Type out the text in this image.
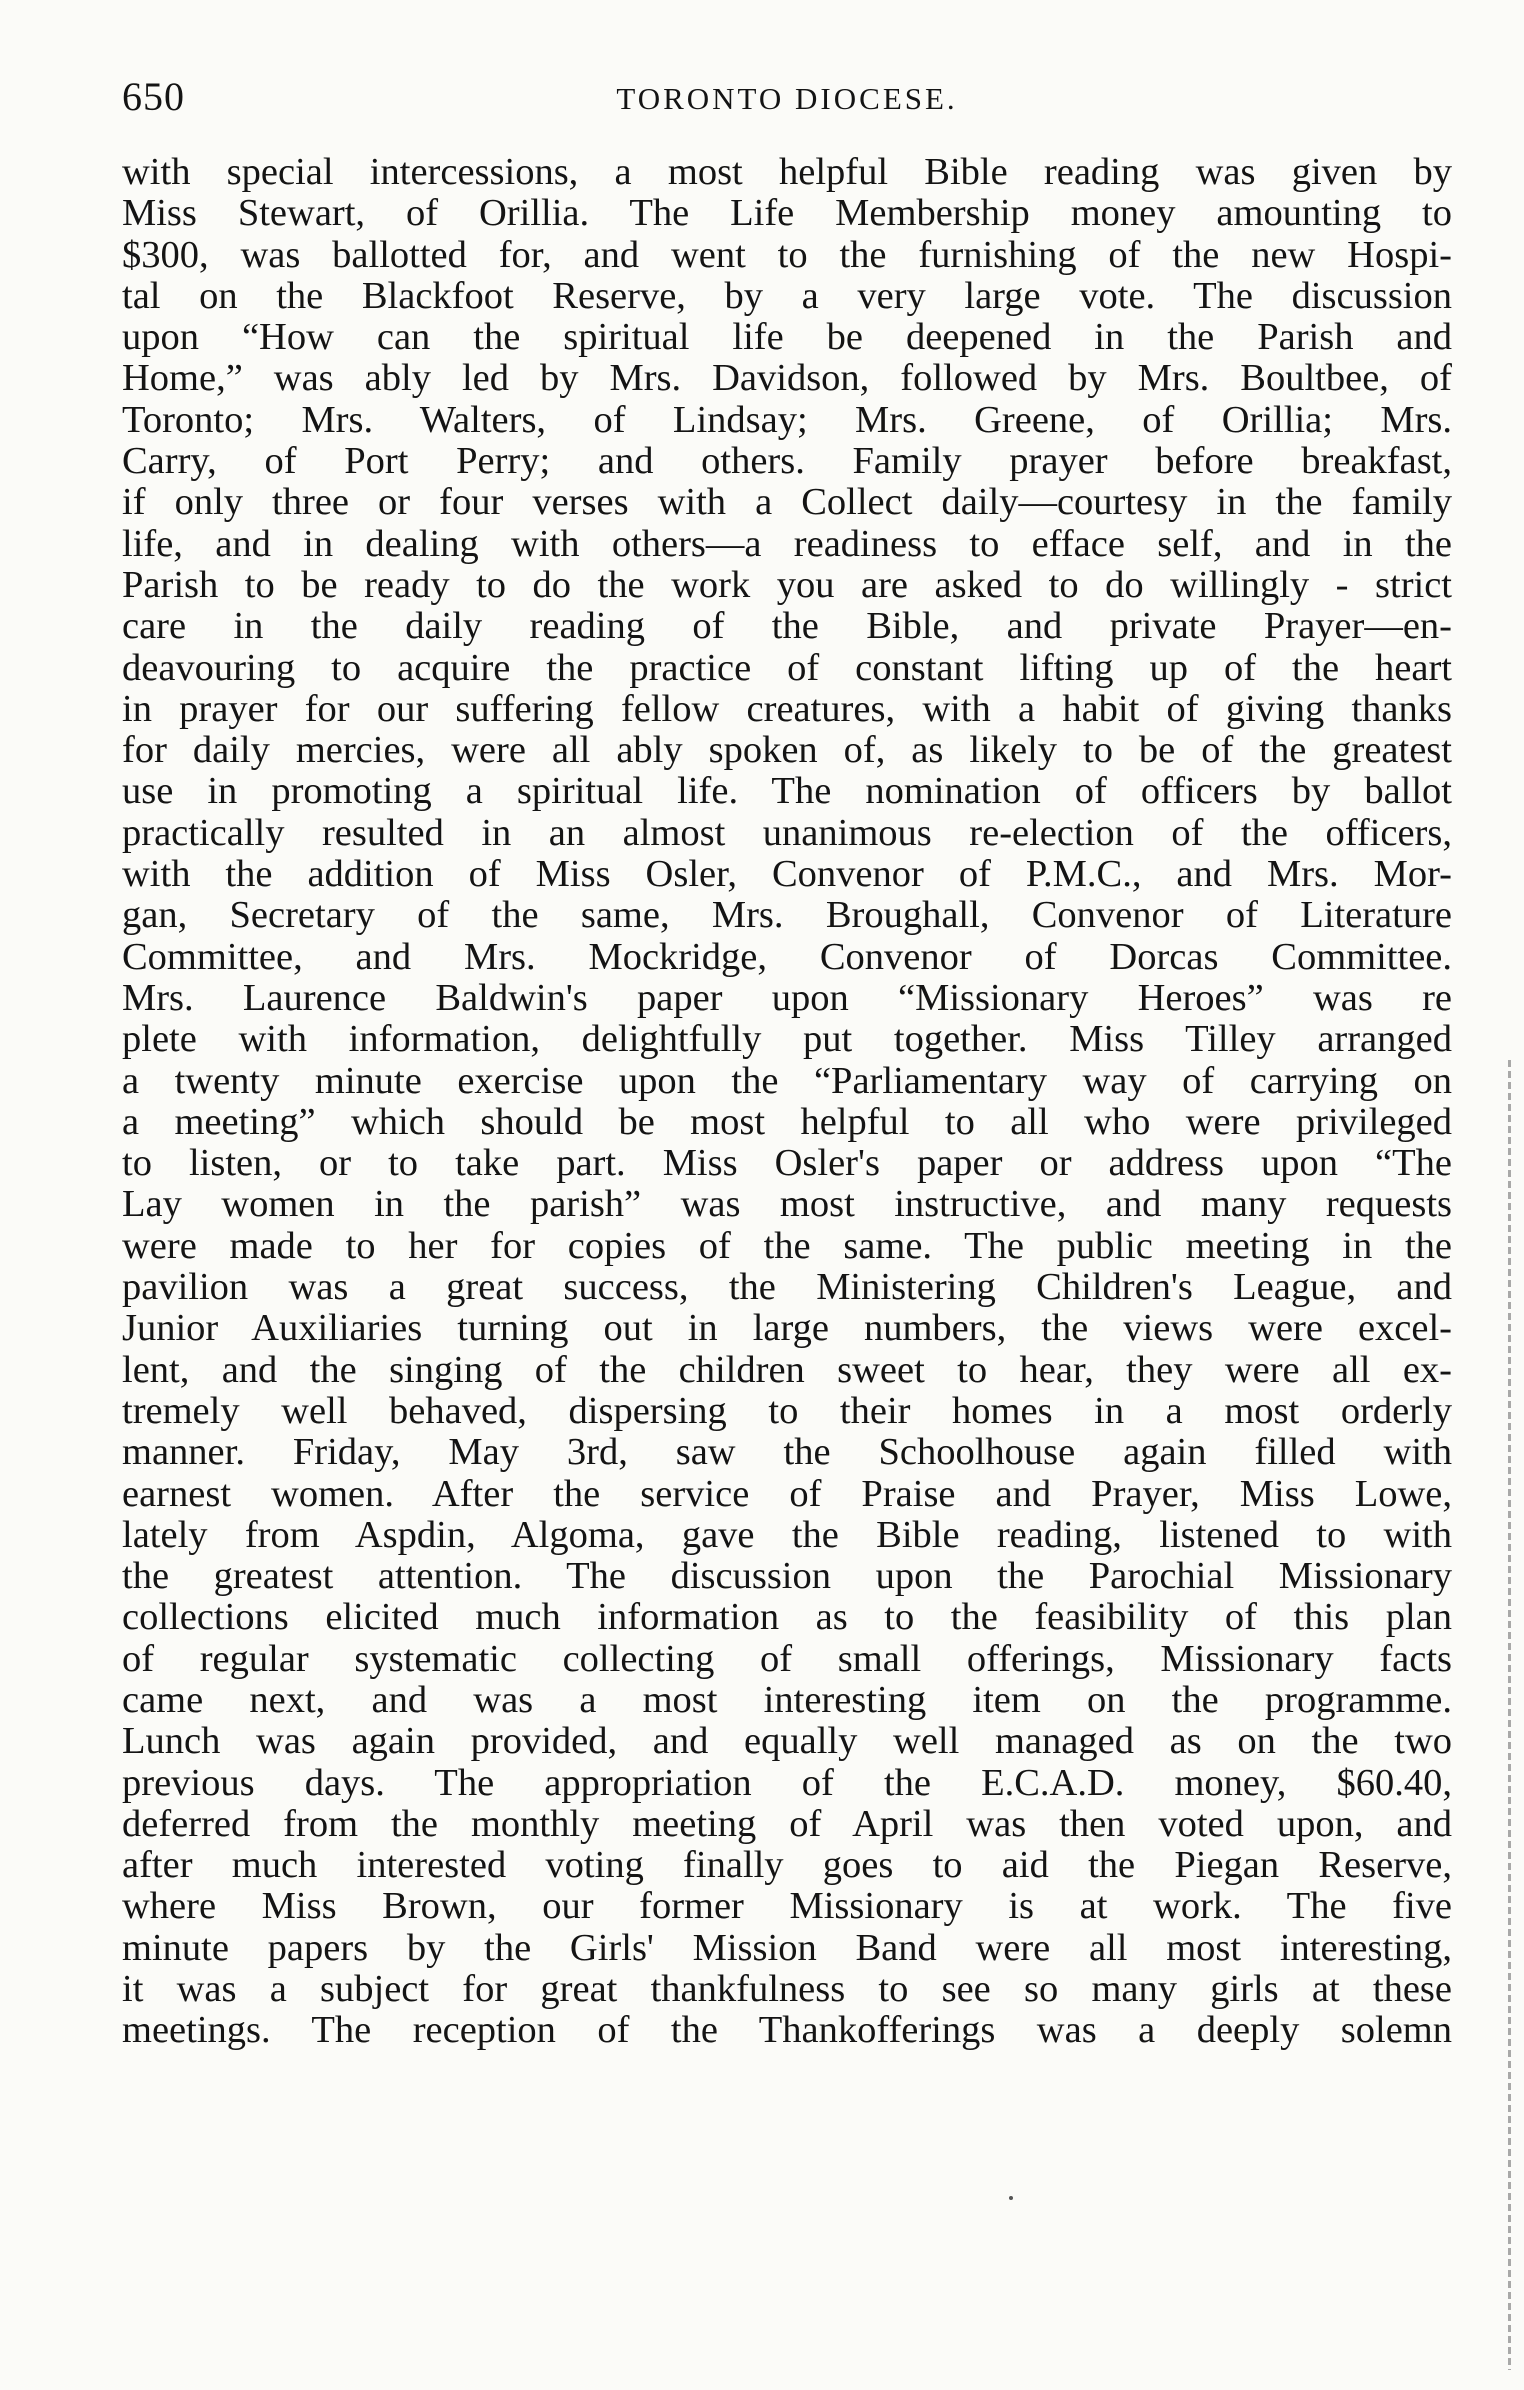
650	TORONTO DIOCESE.
with special intercessions, a most helpful Bible reading was given by
Miss Stewart, of Orillia. The Life Membership money amounting to
$300, was ballotted for, and went to the furnishing of the new Hospi-
tal on the Blackfoot Reserve, by a very large vote. The discussion
upon “How can the spiritual life be deepened in the Parish and
Home,” was ably led by Mrs. Davidson, followed by Mrs. Boultbee, of
Toronto; Mrs. Walters, of Lindsay; Mrs. Greene, of Orillia; Mrs.
Carry, of Port Perry; and others. Family prayer before breakfast,
if only three or four verses with a Collect daily—courtesy in the family
life, and in dealing with others—a readiness to efface self, and in the
Parish to be ready to do the work you are asked to do willingly - strict
care in the daily reading of the Bible, and private Prayer—en-
deavouring to acquire the practice of constant lifting up of the heart
in prayer for our suffering fellow creatures, with a habit of giving thanks
for daily mercies, were all ably spoken of, as likely to be of the greatest
use in promoting a spiritual life. The nomination of officers by ballot
practically resulted in an almost unanimous re-election of the officers,
with the addition of Miss Osler, Convenor of P.M.C., and Mrs. Mor-
gan, Secretary of the same, Mrs. Broughall, Convenor of Literature
Committee, and Mrs. Mockridge, Convenor of Dorcas Committee.
Mrs. Laurence Baldwin's paper upon “Missionary Heroes” was re
plete with information, delightfully put together. Miss Tilley arranged
a twenty minute exercise upon the “Parliamentary way of carrying on
a meeting” which should be most helpful to all who were privileged
to listen, or to take part. Miss Osler's paper or address upon “The
Lay women in the parish” was most instructive, and many requests
were made to her for copies of the same. The public meeting in the
pavilion was a great success, the Ministering Children's League, and
Junior Auxiliaries turning out in large numbers, the views were excel-
lent, and the singing of the children sweet to hear, they were all ex-
tremely well behaved, dispersing to their homes in a most orderly
manner. Friday, May 3rd, saw the Schoolhouse again filled with
earnest women. After the service of Praise and Prayer, Miss Lowe,
lately from Aspdin, Algoma, gave the Bible reading, listened to with
the greatest attention. The discussion upon the Parochial Missionary
collections elicited much information as to the feasibility of this plan
of regular systematic collecting of small offerings, Missionary facts
came next, and was a most interesting item on the programme.
Lunch was again provided, and equally well managed as on the two
previous days. The appropriation of the E.C.A.D. money, $60.40,
deferred from the monthly meeting of April was then voted upon, and
after much interested voting finally goes to aid the Piegan Reserve,
where Miss Brown, our former Missionary is at work. The five
minute papers by the Girls' Mission Band were all most interesting,
it was a subject for great thankfulness to see so many girls at these
meetings. The reception of the Thankofferings was a deeply solemn
